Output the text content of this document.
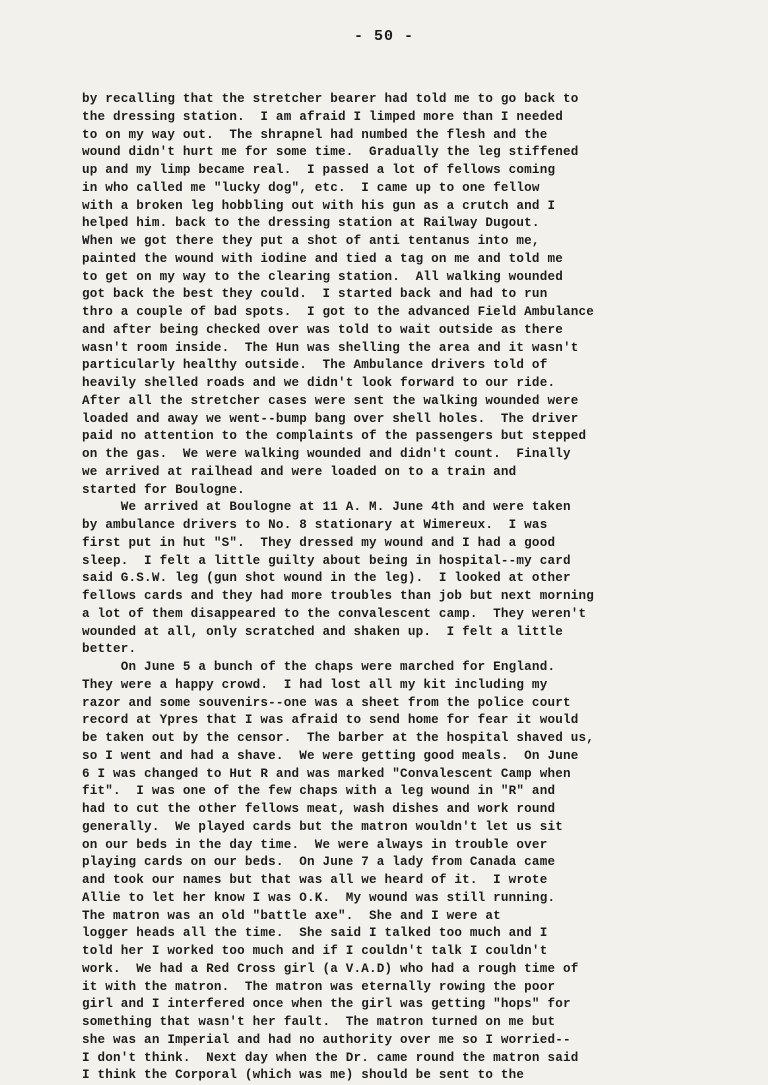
- 50 -
by recalling that the stretcher bearer had told me to go back to
the dressing station.  I am afraid I limped more than I needed
to on my way out.  The shrapnel had numbed the flesh and the
wound didn't hurt me for some time.  Gradually the leg stiffened
up and my limp became real.  I passed a lot of fellows coming
in who called me "lucky dog", etc.  I came up to one fellow
with a broken leg hobbling out with his gun as a crutch and I
helped him. back to the dressing station at Railway Dugout.
When we got there they put a shot of anti tentanus into me,
painted the wound with iodine and tied a tag on me and told me
to get on my way to the clearing station.  All walking wounded
got back the best they could.  I started back and had to run
thro a couple of bad spots.  I got to the advanced Field Ambulance
and after being checked over was told to wait outside as there
wasn't room inside.  The Hun was shelling the area and it wasn't
particularly healthy outside.  The Ambulance drivers told of
heavily shelled roads and we didn't look forward to our ride.
After all the stretcher cases were sent the walking wounded were
loaded and away we went--bump bang over shell holes.  The driver
paid no attention to the complaints of the passengers but stepped
on the gas.  We were walking wounded and didn't count.  Finally
we arrived at railhead and were loaded on to a train and
started for Boulogne.
We arrived at Boulogne at 11 A. M. June 4th and were taken
by ambulance drivers to No. 8 stationary at Wimereux.  I was
first put in hut "S".  They dressed my wound and I had a good
sleep.  I felt a little guilty about being in hospital--my card
said G.S.W. leg (gun shot wound in the leg).  I looked at other
fellows cards and they had more troubles than job but next morning
a lot of them disappeared to the convalescent camp.  They weren't
wounded at all, only scratched and shaken up.  I felt a little
better.
On June 5 a bunch of the chaps were marched for England.
They were a happy crowd.  I had lost all my kit including my
razor and some souvenirs--one was a sheet from the police court
record at Ypres that I was afraid to send home for fear it would
be taken out by the censor.  The barber at the hospital shaved us,
so I went and had a shave.  We were getting good meals.  On June
6 I was changed to Hut R and was marked "Convalescent Camp when
fit".  I was one of the few chaps with a leg wound in "R" and
had to cut the other fellows meat, wash dishes and work round
generally.  We played cards but the matron wouldn't let us sit
on our beds in the day time.  We were always in trouble over
playing cards on our beds.  On June 7 a lady from Canada came
and took our names but that was all we heard of it.  I wrote
Allie to let her know I was O.K.  My wound was still running.
The matron was an old "battle axe".  She and I were at
logger heads all the time.  She said I talked too much and I
told her I worked too much and if I couldn't talk I couldn't
work.  We had a Red Cross girl (a V.A.D) who had a rough time of
it with the matron.  The matron was eternally rowing the poor
girl and I interfered once when the girl was getting "hops" for
something that wasn't her fault.  The matron turned on me but
she was an Imperial and had no authority over me so I worried--
I don't think.  Next day when the Dr. came round the matron said
I think the Corporal (which was me) should be sent to the
